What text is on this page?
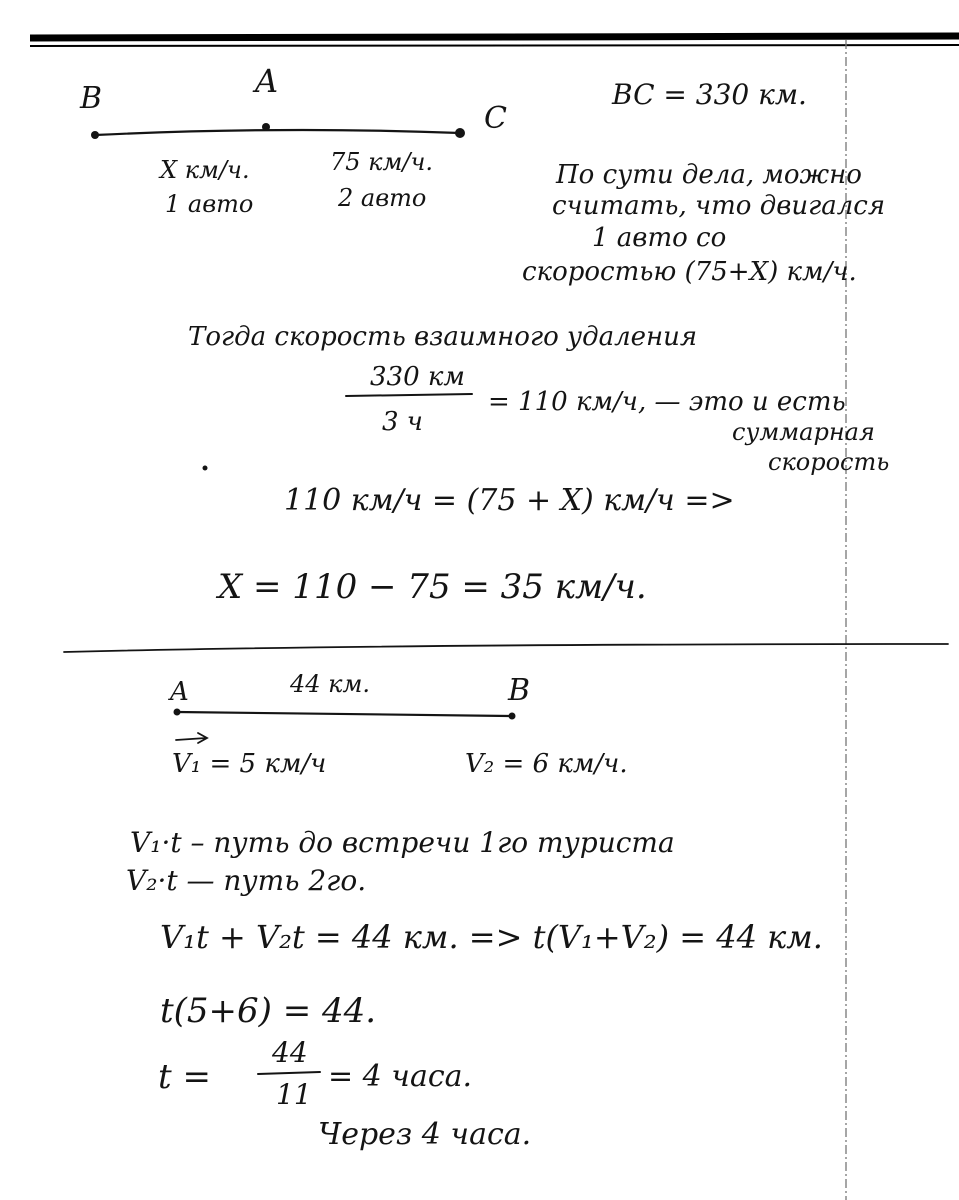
B	A
C
X км/ч.
1 авто
75 км/ч.
2 авто
BC = 330 км.
По сути дела, можно
считать, что двигался
1 авто со
скоростью (75+X) км/ч.
Тогда скорость взаимного удаления
330 км
3 ч
= 110 км/ч, — это и есть
суммарная
скорость
110 км/ч = (75 + X) км/ч =>
X = 110 − 75 = 35 км/ч.
A	44 км.	B
V₁ = 5 км/ч	V₂ = 6 км/ч.
V₁·t – путь до встречи 1го туриста
V₂·t — путь 2го.
V₁t + V₂t = 44 км. => t(V₁+V₂) = 44 км.
t(5+6) = 44.
t =
44
11
= 4 часа.
Через 4 часа.
